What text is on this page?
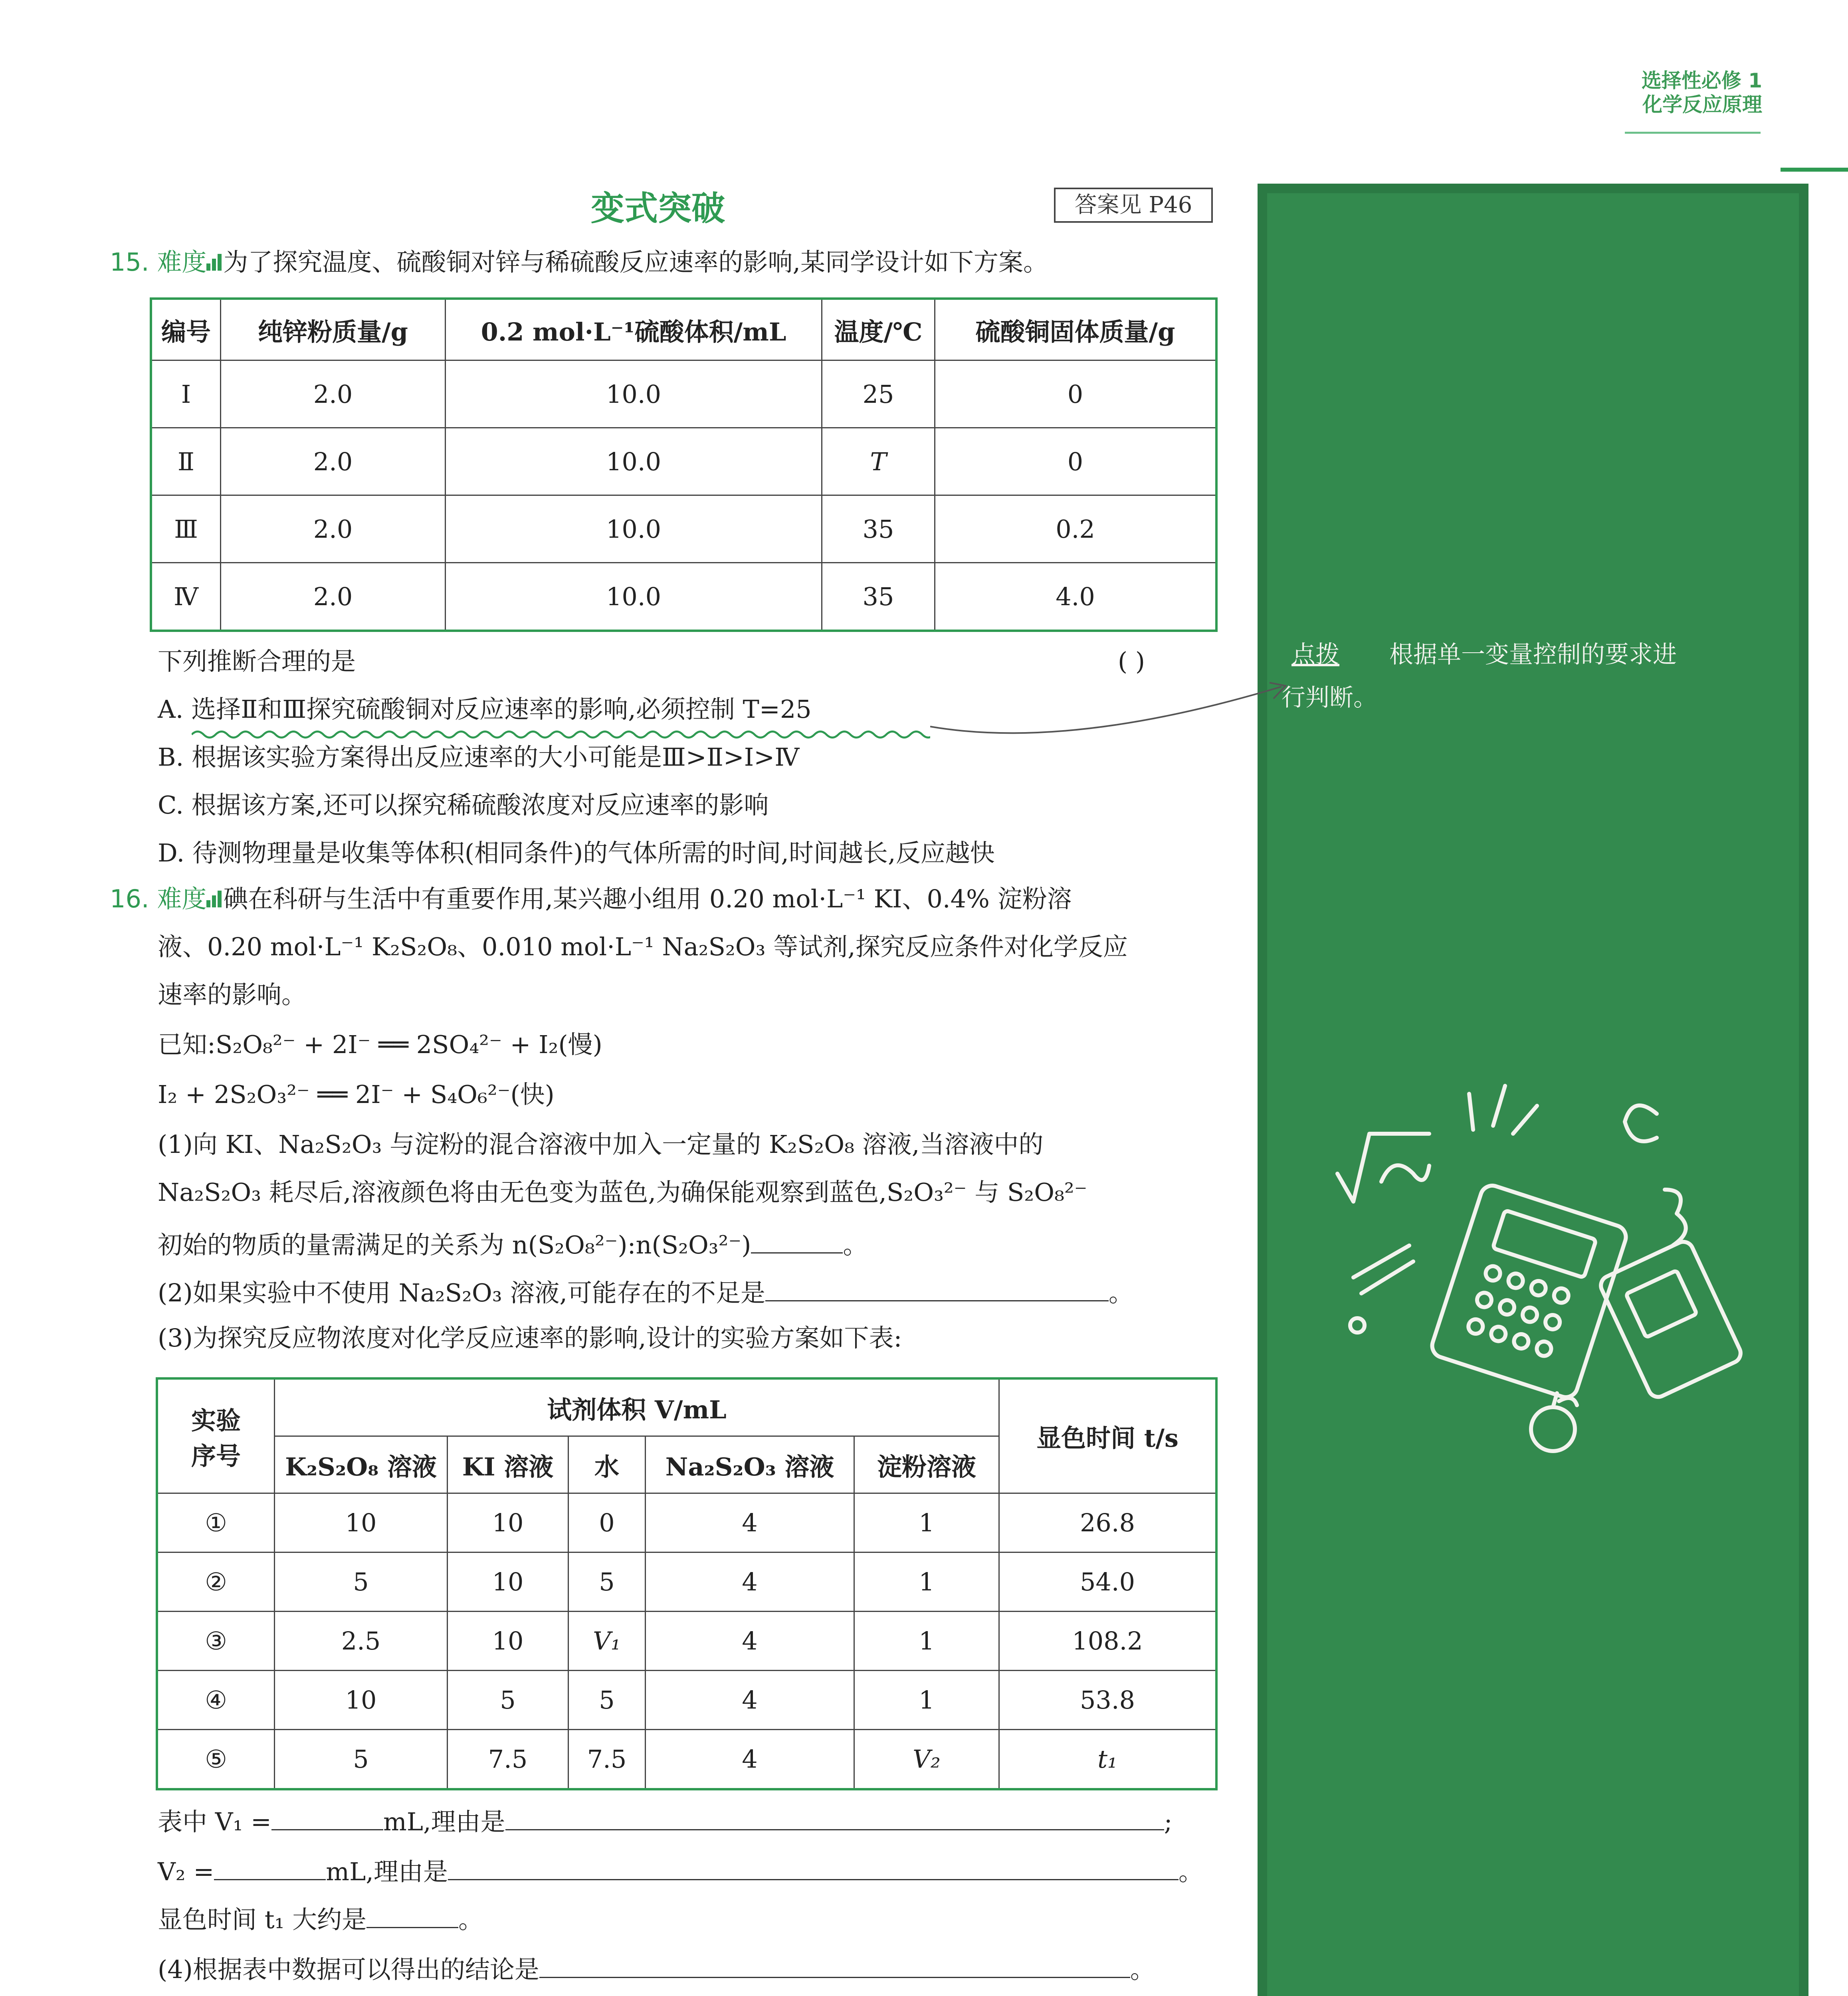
选择性必修 1
化学反应原理
点拨 根据单一变量控制的要求进
行判断。
变式突破	答案见 P46
15. 难度 为了探究温度、硫酸铜对锌与稀硫酸反应速率的影响,某同学设计如下方案。
编号	纯锌粉质量/g	0.2 mol·L⁻¹硫酸体积/mL	温度/℃	硫酸铜固体质量/g
Ⅰ	2.0	10.0	25	0
Ⅱ	2.0	10.0	T	0
Ⅲ	2.0	10.0	35	0.2
Ⅳ	2.0	10.0	35	4.0
下列推断合理的是	( )
A. 选择Ⅱ和Ⅲ探究硫酸铜对反应速率的影响,必须控制 T=25
B. 根据该实验方案得出反应速率的大小可能是Ⅲ>Ⅱ>Ⅰ>Ⅳ
C. 根据该方案,还可以探究稀硫酸浓度对反应速率的影响
D. 待测物理量是收集等体积(相同条件)的气体所需的时间,时间越长,反应越快
16. 难度 碘在科研与生活中有重要作用,某兴趣小组用 0.20 mol·L⁻¹ KI、0.4% 淀粉溶
液、0.20 mol·L⁻¹ K₂S₂O₈、0.010 mol·L⁻¹ Na₂S₂O₃ 等试剂,探究反应条件对化学反应
速率的影响。
已知:S₂O₈²⁻ + 2I⁻ ══ 2SO₄²⁻ + I₂(慢)
I₂ + 2S₂O₃²⁻ ══ 2I⁻ + S₄O₆²⁻(快)
(1)向 KI、Na₂S₂O₃ 与淀粉的混合溶液中加入一定量的 K₂S₂O₈ 溶液,当溶液中的
Na₂S₂O₃ 耗尽后,溶液颜色将由无色变为蓝色,为确保能观察到蓝色,S₂O₃²⁻ 与 S₂O₈²⁻
初始的物质的量需满足的关系为 n(S₂O₈²⁻):n(S₂O₃²⁻)	。
(2)如果实验中不使用 Na₂S₂O₃ 溶液,可能存在的不足是	。
(3)为探究反应物浓度对化学反应速率的影响,设计的实验方案如下表:
实验
序号	试剂体积 V/mL					显色时间 t/s
	K₂S₂O₈ 溶液	KI 溶液	水	Na₂S₂O₃ 溶液	淀粉溶液	
①	10	10	0	4	1	26.8
②	5	10	5	4	1	54.0
③	2.5	10	V₁	4	1	108.2
④	10	5	5	4	1	53.8
⑤	5	7.5	7.5	4	V₂	t₁
表中 V₁ =	mL,理由是	;
V₂ =	mL,理由是	。
显色时间 t₁ 大约是	。
(4)根据表中数据可以得出的结论是	。
